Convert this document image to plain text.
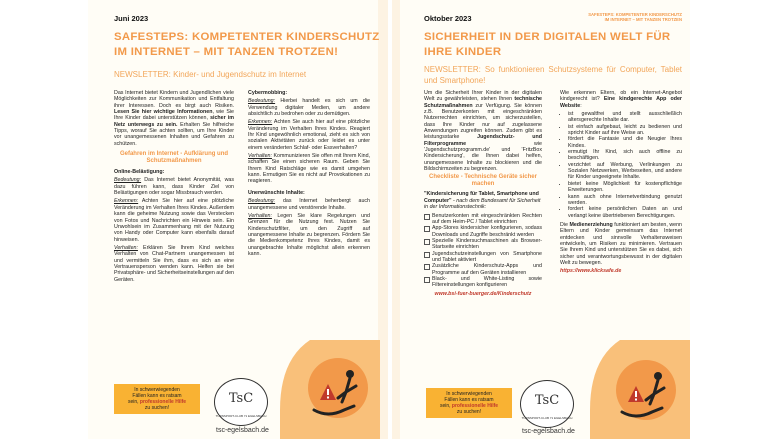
Juni 2023
SAFESTEPS: KOMPETENTER KINDERSCHUTZ IM INTERNET – MIT TANZEN TROTZEN!
NEWSLETTER: Kinder- und Jugendschutz im Internet

Das Internet bietet Kindern und Jugendlichen viele Möglichkeiten zur Kommunikation und Entfaltung ihrer Interessen. Doch es birgt auch Risiken. Lesen Sie hier wichtige Informationen, wie Sie Ihre Kinder dabei unterstützen können, sicher im Netz unterwegs zu sein. Erhalten Sie hilfreiche Tipps, worauf Sie achten sollten, um Ihre Kinder vor unangemessenen Inhalten und Gefahren zu schützen.

Gefahren im Internet - Aufklärung und Schutzmaßnahmen

Online-Belästigung:

Bedeutung: Das Internet bietet Anonymität, was dazu führen kann, dass Kinder Ziel von Belästigungen oder sogar Missbrauch werden.

Erkennen: Achten Sie hier auf eine plötzliche Veränderung im Verhalten Ihres Kindes. Außerdem kann die geheime Nutzung sowie das Verstecken von Fotos und Nachrichten ein Hinweis sein. Ein Unwohlsein im Zusammenhang mit der Nutzung von Handy oder Computer kann ebenfalls darauf hinweisen.

Verhalten: Erklären Sie Ihrem Kind welches Verhalten von Chat-Partnern unangemessen ist und vermitteln Sie ihm, dass es sich an eine Vertrauensperson wenden kann. Helfen sie bei Privatsphäre- und Sicherheitseinstellungen auf den Geräten.

Cybermobbing:

Bedeutung: Hierbei handelt es sich um die Verwendung digitaler Medien, um andere absichtlich zu bedrohen oder zu demütigen.

Erkennen: Achten Sie auch hier auf eine plötzliche Veränderung im Verhalten Ihres Kindes. Reagiert Ihr Kind ungewöhnlich emotional, zieht es sich von sozialen Aktivitäten zurück oder leidet es unter einem veränderten Schlaf- oder Essverhalten?

Verhalten: Kommunizieren Sie offen mit Ihrem Kind, schaffen Sie einen sicheren Raum. Geben Sie Ihrem Kind Ratschläge wie es damit umgehen kann. Ermutigen Sie es nicht auf Provokationen zu reagieren.

Unerwünschte Inhalte:

Bedeutung: das Internet beherbergt auch unangemessene und verstörende Inhalte.

Verhalten: Legen Sie klare Regelungen und Grenzen für die Nutzung fest. Nutzen Sie Kinderschutzfilter, um den Zugriff auf unangemessene Inhalte zu begrenzen. Fördern Sie die Medienkompetenz Ihres Kindes, damit es unangebrachte Inhalte möglichst allein erkennen kann.

In schwerwiegenden
Fällen kann es ratsam
sein, professionelle Hilfe
zu suchen!
TsC
TURNSPORT-CLUB 71 EGELSBACH
tsc-egelsbach.de
Oktober 2023	SAFESTEPS: KOMPETENTER KINDERSCHUTZ
IM INTERNET – MIT TANZEN TROTZEN
SICHERHEIT IN DER DIGITALEN WELT FÜR IHRE KINDER
NEWSLETTER: So funktionieren Schutzsysteme für Computer, Tablet und Smartphone!

Um die Sicherheit Ihrer Kinder in der digitalen Welt zu gewährleisten, stehen Ihnen technische Schutzmaßnahmen zur Verfügung. Sie können z.B. Benutzerkonten mit eingeschränkten Nutzerrechten einrichten, um sicherzustellen, dass Ihre Kinder nur auf zugelassene Anwendungen zugreifen können. Zudem gibt es leistungsstarke	Jugendschutz- und Filterprogramme	wie 'Jugendschutzprogramm.de' und 'FritzBox Kindersicherung', die Ihnen dabei helfen, unangemessene Inhalte zu blockieren und die Bildschirmzeiten zu begrenzen.

Checkliste - Technische Geräte sicher machen

"Kindersicherung für Tablet, Smartphone und Computer" - nach dem Bundesamt für Sicherheit in der Informationstechnik:

Benutzerkonten mit eingeschränkten Rechten auf dem Heim-PC / Tablet einrichten
App-Stores kindersicher konfigurieren, sodass Downloads und Zugriffe beschränkt werden
Spezielle Kindersuchmaschinen als Browser-Startseite einrichten
Jugendschutzeinstellungen von Smartphone und Tablet aktiviert
Zusätzliche Kinderschutz-Apps und Programme auf den Geräten installieren
Black- und White-Listing sowie Filtereinstellungen konfigurieren

www.bsi-fuer-buerger.de/Kinderschutz

Wie erkennen Eltern, ob ein Internet-Angebot kindgerecht ist? Eine kindgerechte App oder Website:

• ist gewaltfrei und stellt ausschließlich altersgerechte Inhalte dar.
• ist einfach aufgebaut, leicht zu bedienen und spricht Kinder auf ihre Weise an.
• fördert die Fantasie und die Neugier Ihres Kindes.
• ermutigt Ihr Kind, sich auch offline zu beschäftigen.
• verzichtet auf Werbung, Verlinkungen zu Sozialen Netzwerken, Werbeseiten, und andere für Kinder ungeeignete Inhalte.
• bietet keine Möglichkeit für kostenpflichtige Erweiterungen.
• kann auch ohne Internetverbindung genutzt werden.
• fordert keine persönlichen Daten an und verlangt keine übertriebenen Berechtigungen.

Die Medienerziehung funktioniert am besten, wenn Eltern und Kinder gemeinsam das Internet entdecken und sinnvolle Verhaltensweisen entwickeln, um Risiken zu minimieren. Vertrauen Sie Ihrem Kind und unterstützen Sie es dabei, sich sicher und verantwortungsbewusst in der digitalen Welt zu bewegen.

https://www.klicksafe.de

In schwerwiegenden
Fällen kann es ratsam
sein, professionelle Hilfe
zu suchen!
TsC
TURNSPORT-CLUB 71 EGELSBACH
tsc-egelsbach.de
